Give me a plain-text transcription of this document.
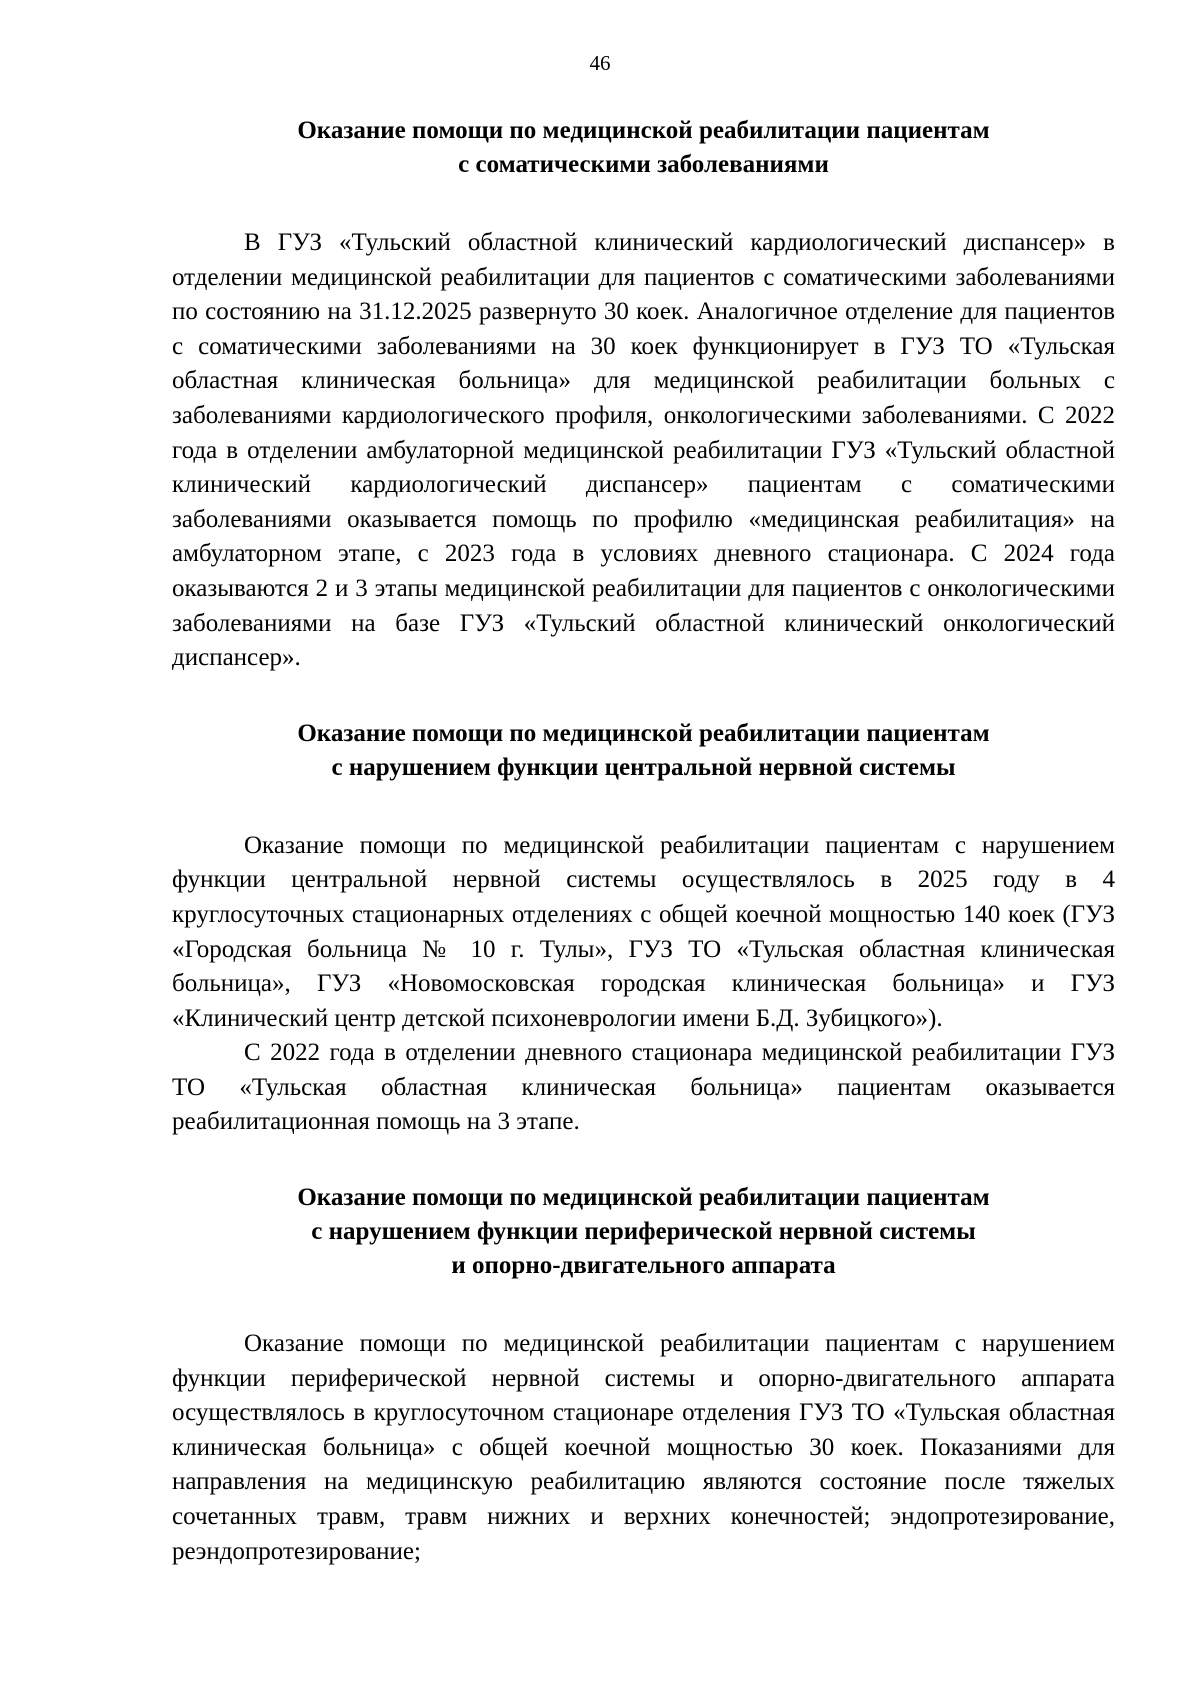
46
Оказание помощи по медицинской реабилитации пациентам
с соматическими заболеваниями

В ГУЗ «Тульский областной клинический кардиологический диспансер» в отделении медицинской реабилитации для пациентов с соматическими заболеваниями по состоянию на 31.12.2025 развернуто 30 коек. Аналогичное отделение для пациентов с соматическими заболеваниями на 30 коек функционирует в ГУЗ ТО «Тульская областная клиническая больница» для медицинской реабилитации больных с заболеваниями кардиологического профиля, онкологическими заболеваниями. С 2022 года в отделении амбулаторной медицинской реабилитации ГУЗ «Тульский областной клинический кардиологический диспансер» пациентам с соматическими заболеваниями оказывается помощь по профилю «медицинская реабилитация» на амбулаторном этапе, с 2023 года в условиях дневного стационара. С 2024 года оказываются 2 и 3 этапы медицинской реабилитации для пациентов с онкологическими заболеваниями на базе ГУЗ «Тульский областной клинический онкологический диспансер».

Оказание помощи по медицинской реабилитации пациентам
с нарушением функции центральной нервной системы

Оказание помощи по медицинской реабилитации пациентам с нарушением функции центральной нервной системы осуществлялось в 2025 году в 4 круглосуточных стационарных отделениях с общей коечной мощностью 140 коек (ГУЗ «Городская больница № 10 г. Тулы», ГУЗ ТО «Тульская областная клиническая больница», ГУЗ «Новомосковская городская клиническая больница» и ГУЗ «Клинический центр детской психоневрологии имени Б.Д. Зубицкого»).

С 2022 года в отделении дневного стационара медицинской реабилитации ГУЗ ТО «Тульская областная клиническая больница» пациентам оказывается реабилитационная помощь на 3 этапе.

Оказание помощи по медицинской реабилитации пациентам
с нарушением функции периферической нервной системы
и опорно-двигательного аппарата

Оказание помощи по медицинской реабилитации пациентам с нарушением функции периферической нервной системы и опорно-двигательного аппарата осуществлялось в круглосуточном стационаре отделения ГУЗ ТО «Тульская областная клиническая больница» с общей коечной мощностью 30 коек. Показаниями для направления на медицинскую реабилитацию являются состояние после тяжелых сочетанных травм, травм нижних и верхних конечностей; эндопротезирование, реэндопротезирование;
